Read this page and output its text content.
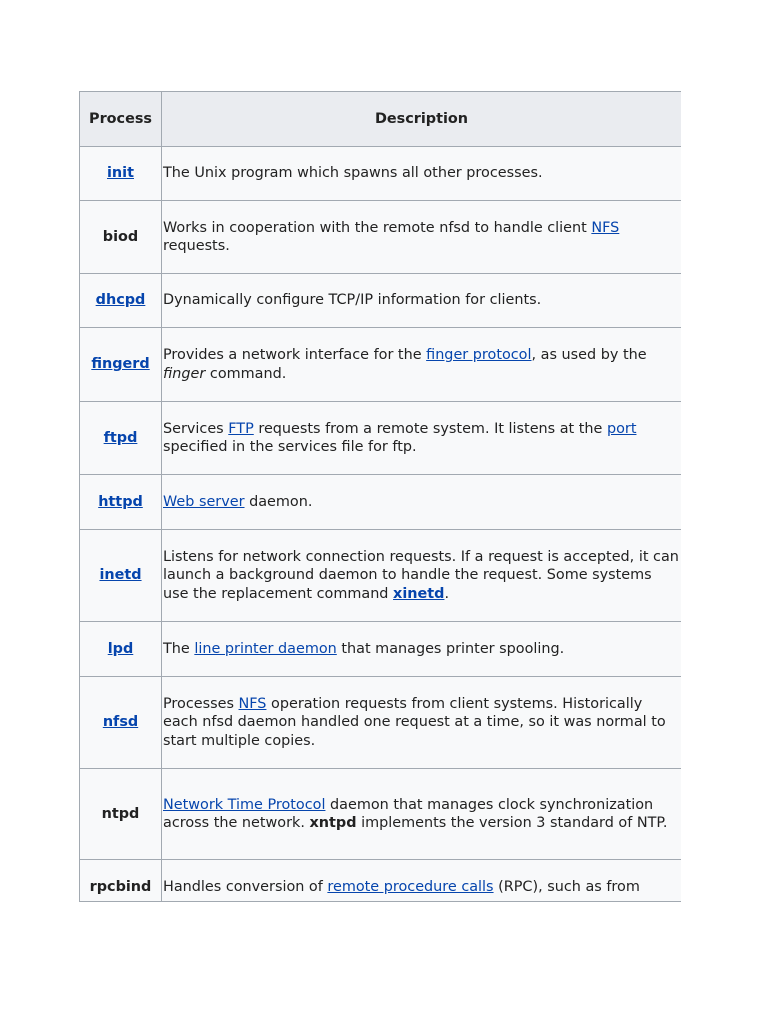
Process	Description
init	The Unix program which spawns all other processes.
biod	Works in cooperation with the remote nfsd to handle client NFS requests.
dhcpd	Dynamically configure TCP/IP information for clients.
fingerd	Provides a network interface for the finger protocol, as used by the finger command.
ftpd	Services FTP requests from a remote system. It listens at the port specified in the services file for ftp.
httpd	Web server daemon.
inetd	Listens for network connection requests. If a request is accepted, it can launch a background daemon to handle the request. Some systems use the replacement command xinetd.
lpd	The line printer daemon that manages printer spooling.
nfsd	Processes NFS operation requests from client systems. Historically each nfsd daemon handled one request at a time, so it was normal to start multiple copies.
ntpd	Network Time Protocol daemon that manages clock synchronization across the network. xntpd implements the version 3 standard of NTP.
rpcbind	Handles conversion of remote procedure calls (RPC), such as from
